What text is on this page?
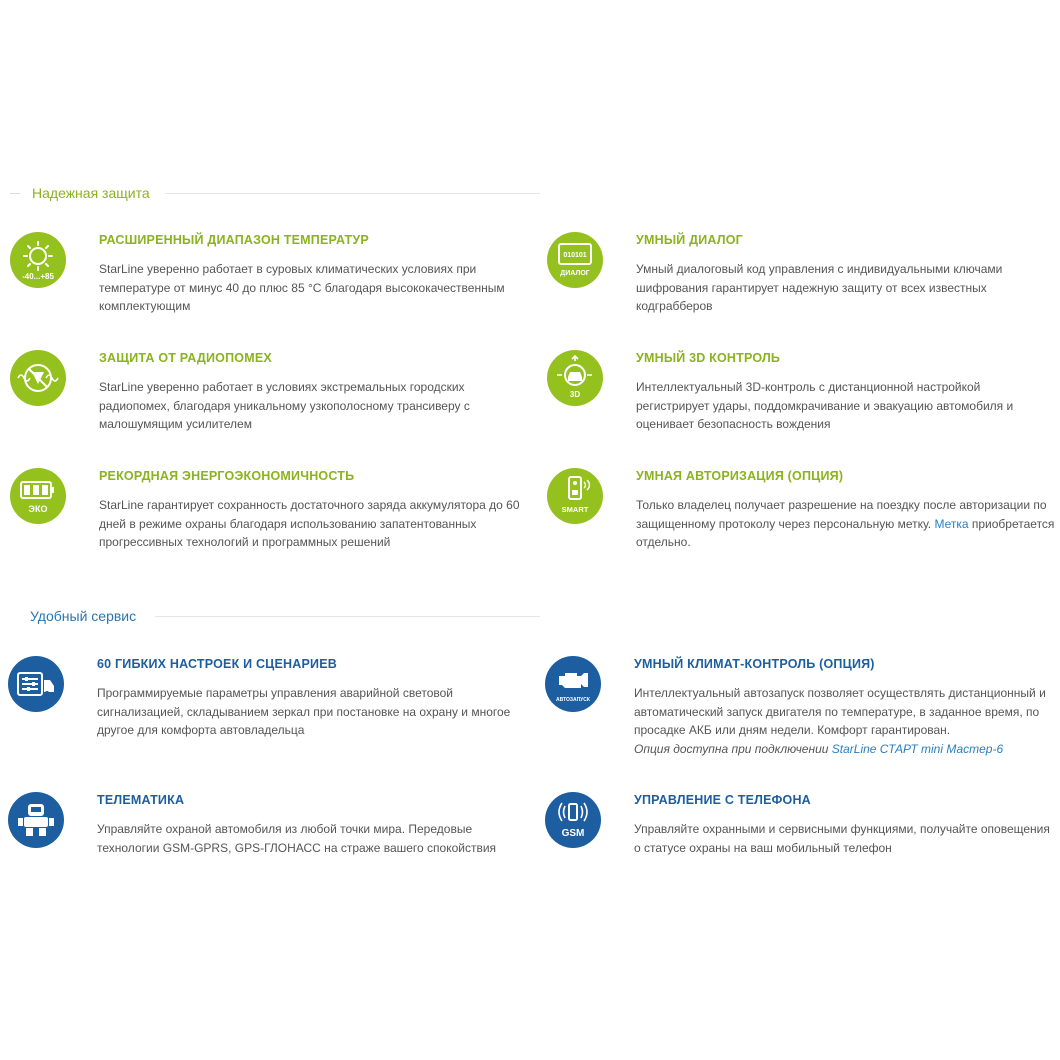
Надежная защита
-40...+85
РАСШИРЕННЫЙ ДИАПАЗОН ТЕМПЕРАТУР

StarLine уверенно работает в суровых климатических условиях при температуре от минус 40 до плюс 85 °C благодаря высококачественным комплектующим

010101
ДИАЛОГ
УМНЫЙ ДИАЛОГ

Умный диалоговый код управления с индивидуальными ключами шифрования гарантирует надежную защиту от всех известных кодграбберов

ЗАЩИТА ОТ РАДИОПОМЕХ

StarLine уверенно работает в условиях экстремальных городских радиопомех, благодаря уникальному узкополосному трансиверу с малошумящим усилителем

3D
УМНЫЙ 3D КОНТРОЛЬ

Интеллектуальный 3D-контроль с дистанционной настройкой регистрирует удары, поддомкрачивание и эвакуацию автомобиля и оценивает безопасность вождения

ЭКО
РЕКОРДНАЯ ЭНЕРГОЭКОНОМИЧНОСТЬ

StarLine гарантирует сохранность достаточного заряда аккумулятора до 60 дней в режиме охраны благодаря использованию запатентованных прогрессивных технологий и программных решений

SMART
УМНАЯ АВТОРИЗАЦИЯ (ОПЦИЯ)

Только владелец получает разрешение на поездку после авторизации по защищенному протоколу через персональную метку. Метка приобретается отдельно.

Удобный сервис
60 ГИБКИХ НАСТРОЕК И СЦЕНАРИЕВ

Программируемые параметры управления аварийной световой сигнализацией, складыванием зеркал при постановке на охрану и многое другое для комфорта автовладельца

АВТОЗАПУСК
УМНЫЙ КЛИМАТ-КОНТРОЛЬ (ОПЦИЯ)

Интеллектуальный автозапуск позволяет осуществлять дистанционный и автоматический запуск двигателя по температуре, в заданное время, по просадке АКБ или дням недели. Комфорт гарантирован.

Опция доступна при подключении StarLine СТАРТ mini Мастер-6

ТЕЛЕМАТИКА

Управляйте охраной автомобиля из любой точки мира. Передовые технологии GSM-GPRS, GPS-ГЛОНАСС на страже вашего спокойствия

GSM
УПРАВЛЕНИЕ С ТЕЛЕФОНА

Управляйте охранными и сервисными функциями, получайте оповещения о статусе охраны на ваш мобильный телефон
